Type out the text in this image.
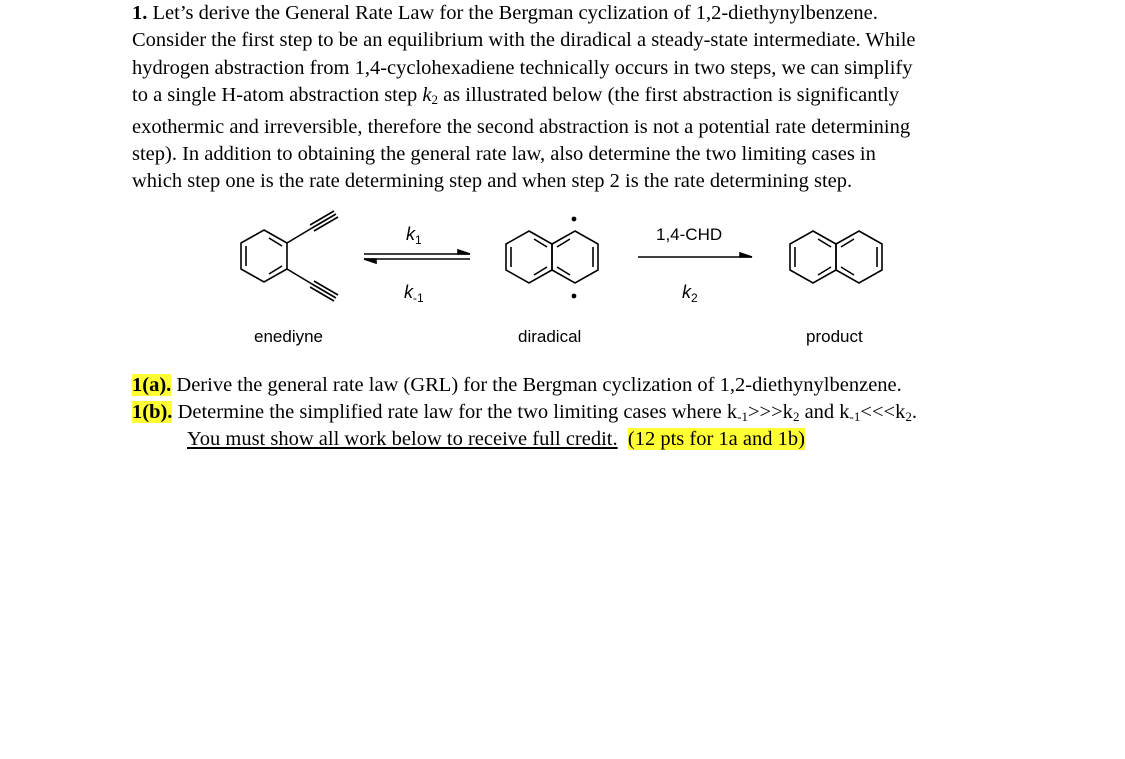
1. Let’s derive the General Rate Law for the Bergman cyclization of 1,2-diethynylbenzene.
Consider the first step to be an equilibrium with the diradical a steady-state intermediate. While
hydrogen abstraction from 1,4-cyclohexadiene technically occurs in two steps, we can simplify
to a single H-atom abstraction step k2 as illustrated below (the first abstraction is significantly
exothermic and irreversible, therefore the second abstraction is not a potential rate determining
step). In addition to obtaining the general rate law, also determine the two limiting cases in
which step one is the rate determining step and when step 2 is the rate determining step.
$k_1$
$k_{-1}$
1,4-CHD
$k_2$
enediyne	diradical	product
1(a). Derive the general rate law (GRL) for the Bergman cyclization of 1,2-diethynylbenzene.
1(b). Determine the simplified rate law for the two limiting cases where k-1>>>k2 and k-1<<<k2.
You must show all work below to receive full credit. (12 pts for 1a and 1b)
